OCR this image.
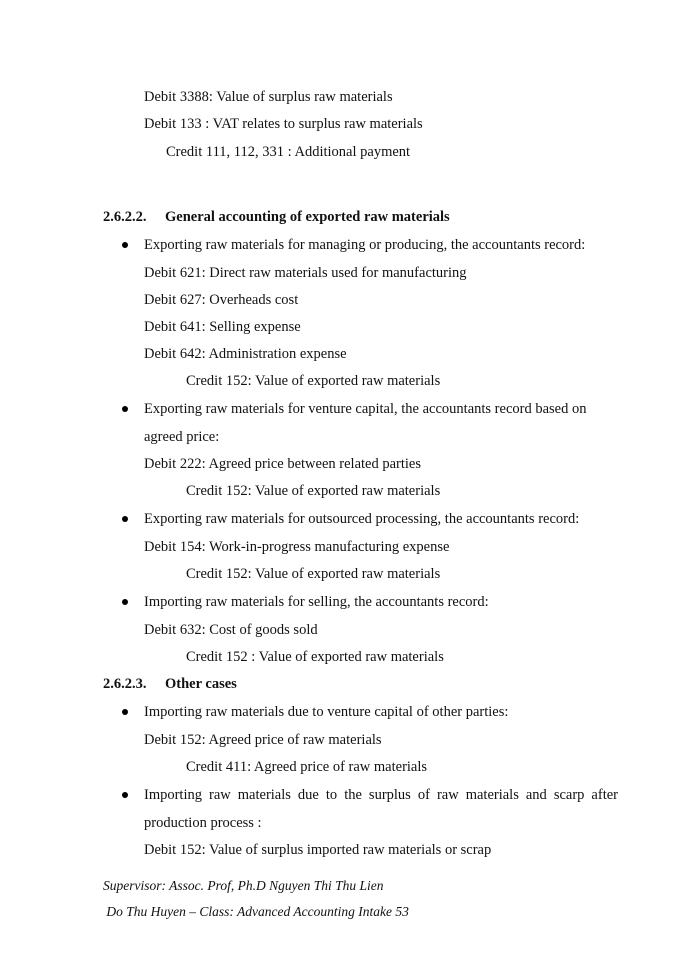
Debit 3388: Value of surplus raw materials
Debit 133 : VAT relates to surplus raw materials
Credit 111, 112, 331 : Additional payment
2.6.2.2. General accounting of exported raw materials
Exporting raw materials for managing or producing, the accountants record:
Debit 621: Direct raw materials used for manufacturing
Debit 627: Overheads cost
Debit 641: Selling expense
Debit 642: Administration expense
Credit 152: Value of exported raw materials
Exporting raw materials for venture capital, the accountants record based on
agreed price:
Debit 222: Agreed price between related parties
Credit 152: Value of exported raw materials
Exporting raw materials for outsourced processing, the accountants record:
Debit 154: Work-in-progress manufacturing expense
Credit 152: Value of exported raw materials
Importing raw materials for selling, the accountants record:
Debit 632: Cost of goods sold
Credit 152 : Value of exported raw materials
2.6.2.3. Other cases
Importing raw materials due to venture capital of other parties:
Debit 152: Agreed price of raw materials
Credit 411: Agreed price of raw materials
Importing raw materials due to the surplus of raw materials and scarp after
production process :
Debit 152: Value of surplus imported raw materials or scrap
Supervisor: Assoc. Prof, Ph.D Nguyen Thi Thu Lien
Do Thu Huyen – Class: Advanced Accounting Intake 53
